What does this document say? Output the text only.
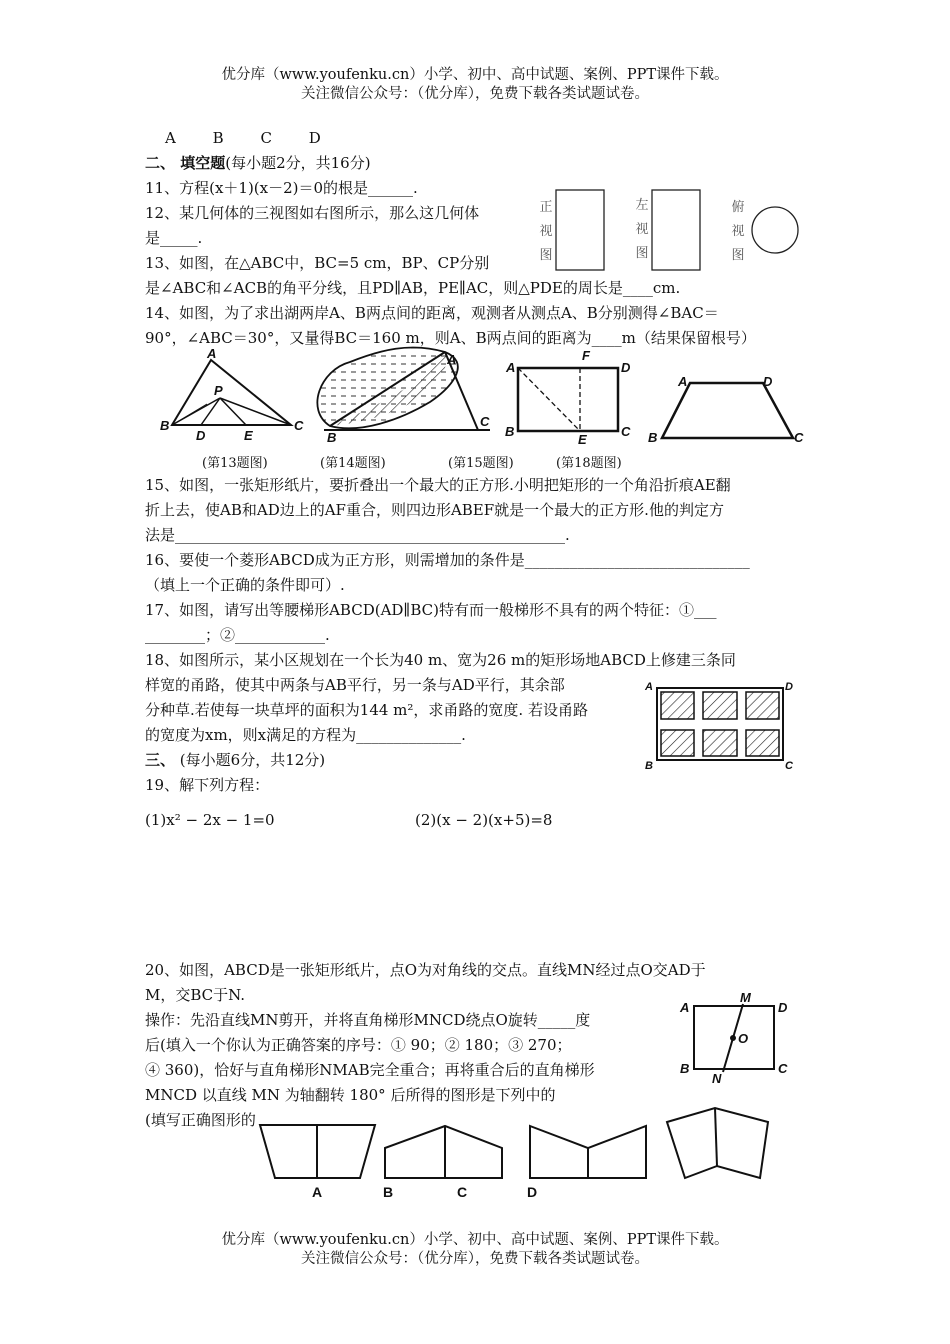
优分库（www.youfenku.cn）小学、初中、高中试题、案例、PPT课件下载。
关注微信公众号：（优分库），免费下载各类试题试卷。
A B C D
二、 填空题(每小题2分，共16分)
11、方程(x＋1)(x－2)＝0的根是______.
12、某几何体的三视图如右图所示，那么这几何体
是_____.
13、如图，在△ABC中，BC=5 cm，BP、CP分别
是∠ABC和∠ACB的角平分线，且PD∥AB，PE∥AC，则△PDE的周长是____cm.
14、如图，为了求出湖两岸A、B两点间的距离，观测者从测点A、B分别测得∠BAC＝
90°，∠ABC＝30°，又量得BC＝160 m，则A、B两点间的距离为____m（结果保留根号）
正
视
图
左
视
图
俯
视
图
A
P
B
D	E
C
A
B
C
A
F
D
B
E
C
A	D
B	C
(第13题图)	(第14题图)	(第15题图)	(第18题图)
15、如图，一张矩形纸片，要折叠出一个最大的正方形.小明把矩形的一个角沿折痕AE翻
折上去，使AB和AD边上的AF重合，则四边形ABEF就是一个最大的正方形.他的判定方
法是____________________________________________________.
16、要使一个菱形ABCD成为正方形，则需增加的条件是______________________________
（填上一个正确的条件即可）.
17、如图，请写出等腰梯形ABCD(AD∥BC)特有而一般梯形不具有的两个特征：①___
________；②____________.
18、如图所示，某小区规划在一个长为40 m、宽为26 m的矩形场地ABCD上修建三条同
样宽的甬路，使其中两条与AB平行，另一条与AD平行，其余部
分种草.若使每一块草坪的面积为144 m²，求甬路的宽度. 若设甬路
的宽度为xm，则x满足的方程为______________.
A	D
B	C
三、 (每小题6分，共12分)
19、解下列方程：
(1)x² − 2x − 1=0	(2)(x − 2)(x+5)=8
20、如图，ABCD是一张矩形纸片，点O为对角线的交点。直线MN经过点O交AD于
M，交BC于N.
操作：先沿直线MN剪开，并将直角梯形MNCD绕点O旋转_____度
后(填入一个你认为正确答案的序号：① 90；② 180；③ 270；
④ 360)，恰好与直角梯形NMAB完全重合；再将重合后的直角梯形
MNCD 以直线 MN 为轴翻转 180° 后所得的图形是下列中的
(填写正确图形的
M
D
A
O
B
N
C
A	B	C	D
优分库（www.youfenku.cn）小学、初中、高中试题、案例、PPT课件下载。
关注微信公众号：（优分库），免费下载各类试题试卷。
